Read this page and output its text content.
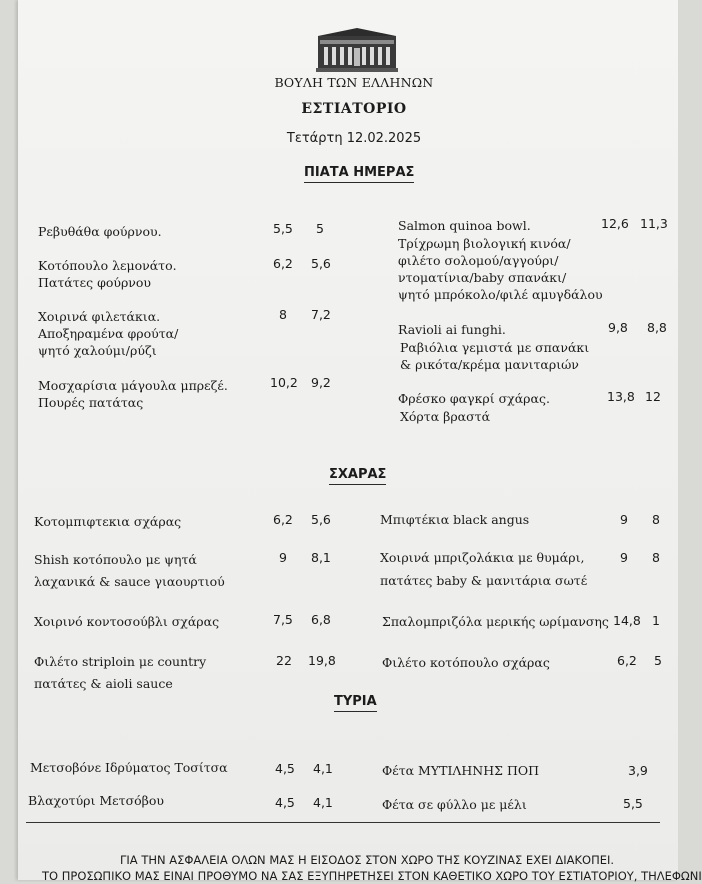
ΒΟΥΛΗ ΤΩΝ ΕΛΛΗΝΩΝ
ΕΣΤΙΑΤΟΡΙΟ
Τετάρτη 12.02.2025
ΠΙΑΤΑ ΗΜΕΡΑΣ
Ρεβυθάθα φούρνου.	5,5 5
Κοτόπουλο λεμονάτο.
Πατάτες φούρνου
6,2 5,6
Χοιρινά φιλετάκια.
Αποξηραμένα φρούτα/
ψητό χαλούμι/ρύζι
8 7,2
Μοσχαρίσια μάγουλα μπρεζέ.
Πουρές πατάτας
10,2 9,2
Salmon quinoa bowl.
Τρίχρωμη βιολογική κινόα/
φιλέτο σολομού/αγγούρι/
ντοματίνια/baby σπανάκι/
ψητό μπρόκολο/φιλέ αμυγδάλου
12,6 11,3
Ravioli ai funghi.
Ραβιόλια γεμιστά με σπανάκι
& ρικότα/κρέμα μανιταριών
9,8 8,8
Φρέσκο φαγκρί σχάρας.
Χόρτα βραστά
13,8 12
ΣΧΑΡΑΣ
Κοτομπιφτεκια σχάρας	6,2 5,6
Shish κοτόπουλο με ψητά
λαχανικά & sauce γιαουρτιού
9 8,1
Χοιρινό κοντοσούβλι σχάρας	7,5 6,8
Φιλέτο striploin με country
πατάτες & aioli sauce
22 19,8
Μπιφτέκια black angus	9 8
Χοιρινά μπριζολάκια με θυμάρι,
πατάτες baby & μανιτάρια σωτέ
9 8
Σπαλομπριζόλα μερικής ωρίμανσης 14,8 1
Φιλέτο κοτόπουλο σχάρας	6,2 5
ΤΥΡΙΑ
Μετσοβόνε Ιδρύματος Τοσίτσα	4,5 4,1
Βλαχοτύρι Μετσόβου	4,5 4,1
Φέτα ΜΥΤΙΛΗΝΗΣ ΠΟΠ	3,9
Φέτα σε φύλλο με μέλι	5,5
ΓΙΑ ΤΗΝ ΑΣΦΑΛΕΙΑ ΟΛΩΝ ΜΑΣ Η ΕΙΣΟΔΟΣ ΣΤΟΝ ΧΩΡΟ ΤΗΣ ΚΟΥΖΙΝΑΣ ΕΧΕΙ ΔΙΑΚΟΠΕΙ.
ΤΟ ΠΡΟΣΩΠΙΚΟ ΜΑΣ ΕΙΝΑΙ ΠΡΟΘΥΜΟ ΝΑ ΣΑΣ ΕΞΥΠΗΡΕΤΗΣΕΙ ΣΤΟΝ ΚΑΘΕΤΙΚΟ ΧΩΡΟ ΤΟΥ ΕΣΤΙΑΤΟΡΙΟΥ, ΤΗΛΕΦΩΝΙ
